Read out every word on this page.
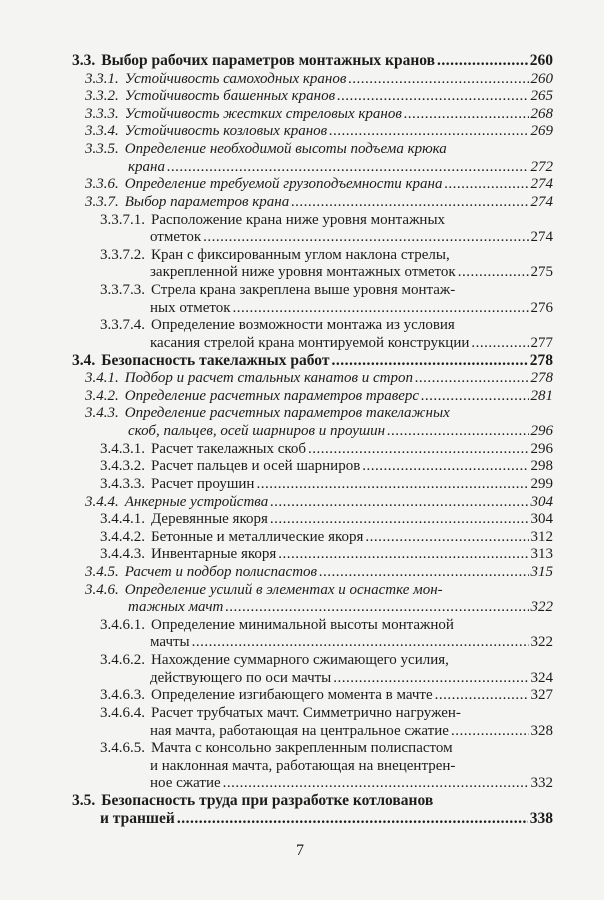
3.3. Выбор рабочих параметров монтажных кранов .....	260
3.3.1. Устойчивость самоходных кранов .....	260
3.3.2. Устойчивость башенных кранов .....	265
3.3.3. Устойчивость жестких стреловых кранов .....	268
3.3.4. Устойчивость козловых кранов .....	269
3.3.5. Определение необходимой высоты подъема крюка
крана .....	272
3.3.6. Определение требуемой грузоподъемности крана .....	274
3.3.7. Выбор параметров крана .....	274
3.3.7.1. Расположение крана ниже уровня монтажных
отметок .....	274
3.3.7.2. Кран с фиксированным углом наклона стрелы,
закрепленной ниже уровня монтажных отметок .....	275
3.3.7.3. Стрела крана закреплена выше уровня монтаж-
ных отметок .....	276
3.3.7.4. Определение возможности монтажа из условия
касания стрелой крана монтируемой конструкции .....	277
3.4. Безопасность такелажных работ .....	278
3.4.1. Подбор и расчет стальных канатов и строп .....	278
3.4.2. Определение расчетных параметров траверс .....	281
3.4.3. Определение расчетных параметров такелажных
скоб, пальцев, осей шарниров и проушин .....	296
3.4.3.1. Расчет такелажных скоб .....	296
3.4.3.2. Расчет пальцев и осей шарниров .....	298
3.4.3.3. Расчет проушин .....	299
3.4.4. Анкерные устройства .....	304
3.4.4.1. Деревянные якоря .....	304
3.4.4.2. Бетонные и металлические якоря .....	312
3.4.4.3. Инвентарные якоря .....	313
3.4.5. Расчет и подбор полиспастов .....	315
3.4.6. Определение усилий в элементах и оснастке мон-
тажных мачт .....	322
3.4.6.1. Определение минимальной высоты монтажной
мачты .....	322
3.4.6.2. Нахождение суммарного сжимающего усилия,
действующего по оси мачты .....	324
3.4.6.3. Определение изгибающего момента в мачте .....	327
3.4.6.4. Расчет трубчатых мачт. Симметрично нагружен-
ная мачта, работающая на центральное сжатие .....	328
3.4.6.5. Мачта с консольно закрепленным полиспастом
и наклонная мачта, работающая на внецентрен-
ное сжатие .....	332
3.5. Безопасность труда при разработке котлованов
и траншей .....	338
7
